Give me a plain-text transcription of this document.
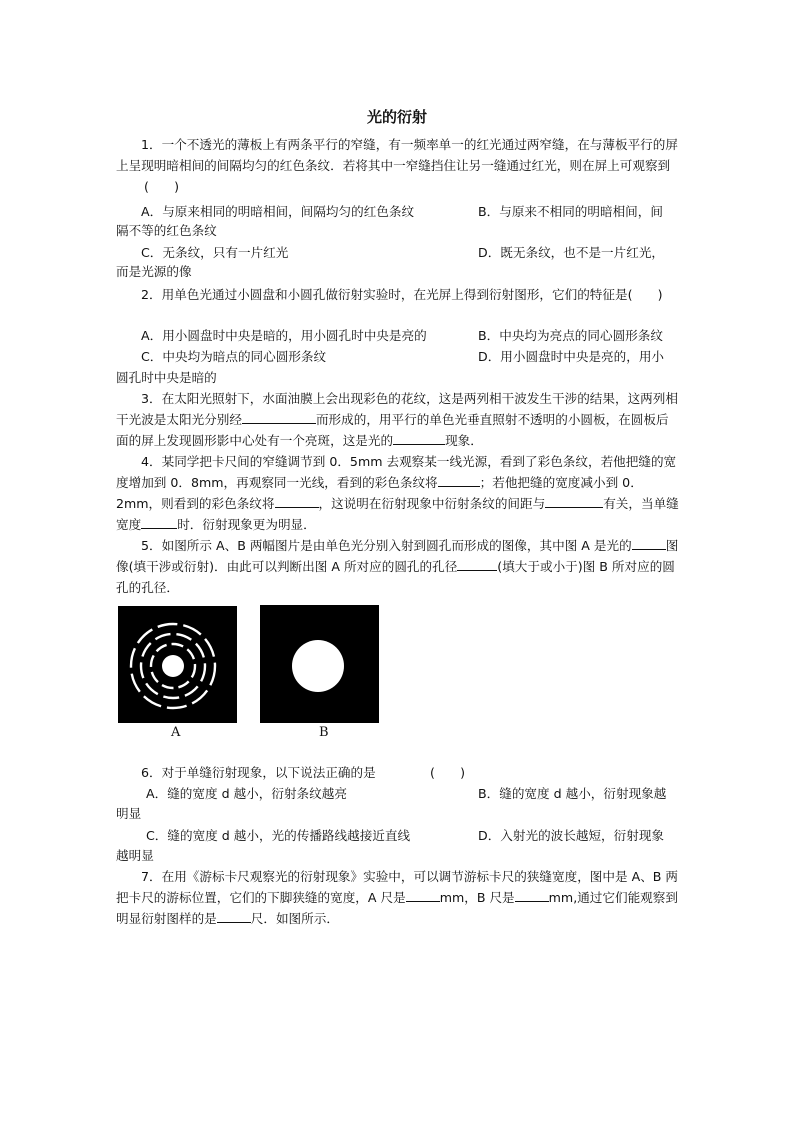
光的衍射

1．一个不透光的薄板上有两条平行的窄缝，有一频率单一的红光通过两窄缝，在与薄板平行的屏上呈现明暗相间的间隔均匀的红色条纹．若将其中一窄缝挡住让另一缝通过红光，则在屏上可观察到(　　)

A．与原来相同的明暗相间，间隔均匀的红色条纹	B．与原来不相同的明暗相间，间
隔不等的红色条纹
C．无条纹，只有一片红光	D．既无条纹，也不是一片红光，
而是光源的像

2．用单色光通过小圆盘和小圆孔做衍射实验时，在光屏上得到衍射图形，它们的特征是(　　)

A．用小圆盘时中央是暗的，用小圆孔时中央是亮的	B．中央均为亮点的同心圆形条纹
C．中央均为暗点的同心圆形条纹	D．用小圆盘时中央是亮的，用小
圆孔时中央是暗的

3．在太阳光照射下，水面油膜上会出现彩色的花纹，这是两列相干波发生干涉的结果，这两列相干光波是太阳光分别经	而形成的，用平行的单色光垂直照射不透明的小圆板，在圆板后面的屏上发现圆形影中心处有一个亮斑，这是光的	现象．

4．某同学把卡尺间的窄缝调节到 0．5mm 去观察某一线光源，看到了彩色条纹，若他把缝的宽度增加到 0．8mm，再观察同一光线，看到的彩色条纹将	；若他把缝的宽度减小到 0．2mm，则看到的彩色条纹将	，这说明在衍射现象中衍射条纹的间距与	有关，当单缝宽度	时．衍射现象更为明显．

5．如图所示 A、B 两幅图片是由单色光分别入射到圆孔而形成的图像，其中图 A 是光的	图像(填干涉或衍射)．由此可以判断出图 A 所对应的圆孔的孔径	(填大于或小于)图 B 所对应的圆孔的孔径．

A	B
6．对于单缝衍射现象，以下说法正确的是	(　　)
A．缝的宽度 d 越小，衍射条纹越亮	B．缝的宽度 d 越小，衍射现象越
明显
C．缝的宽度 d 越小，光的传播路线越接近直线	D．入射光的波长越短，衍射现象
越明显

7．在用《游标卡尺观察光的衍射现象》实验中，可以调节游标卡尺的狭缝宽度，图中是 A、B 两把卡尺的游标位置，它们的下脚狭缝的宽度，A 尺是	mm，B 尺是	mm,通过它们能观察到明显衍射图样的是	尺．如图所示．
